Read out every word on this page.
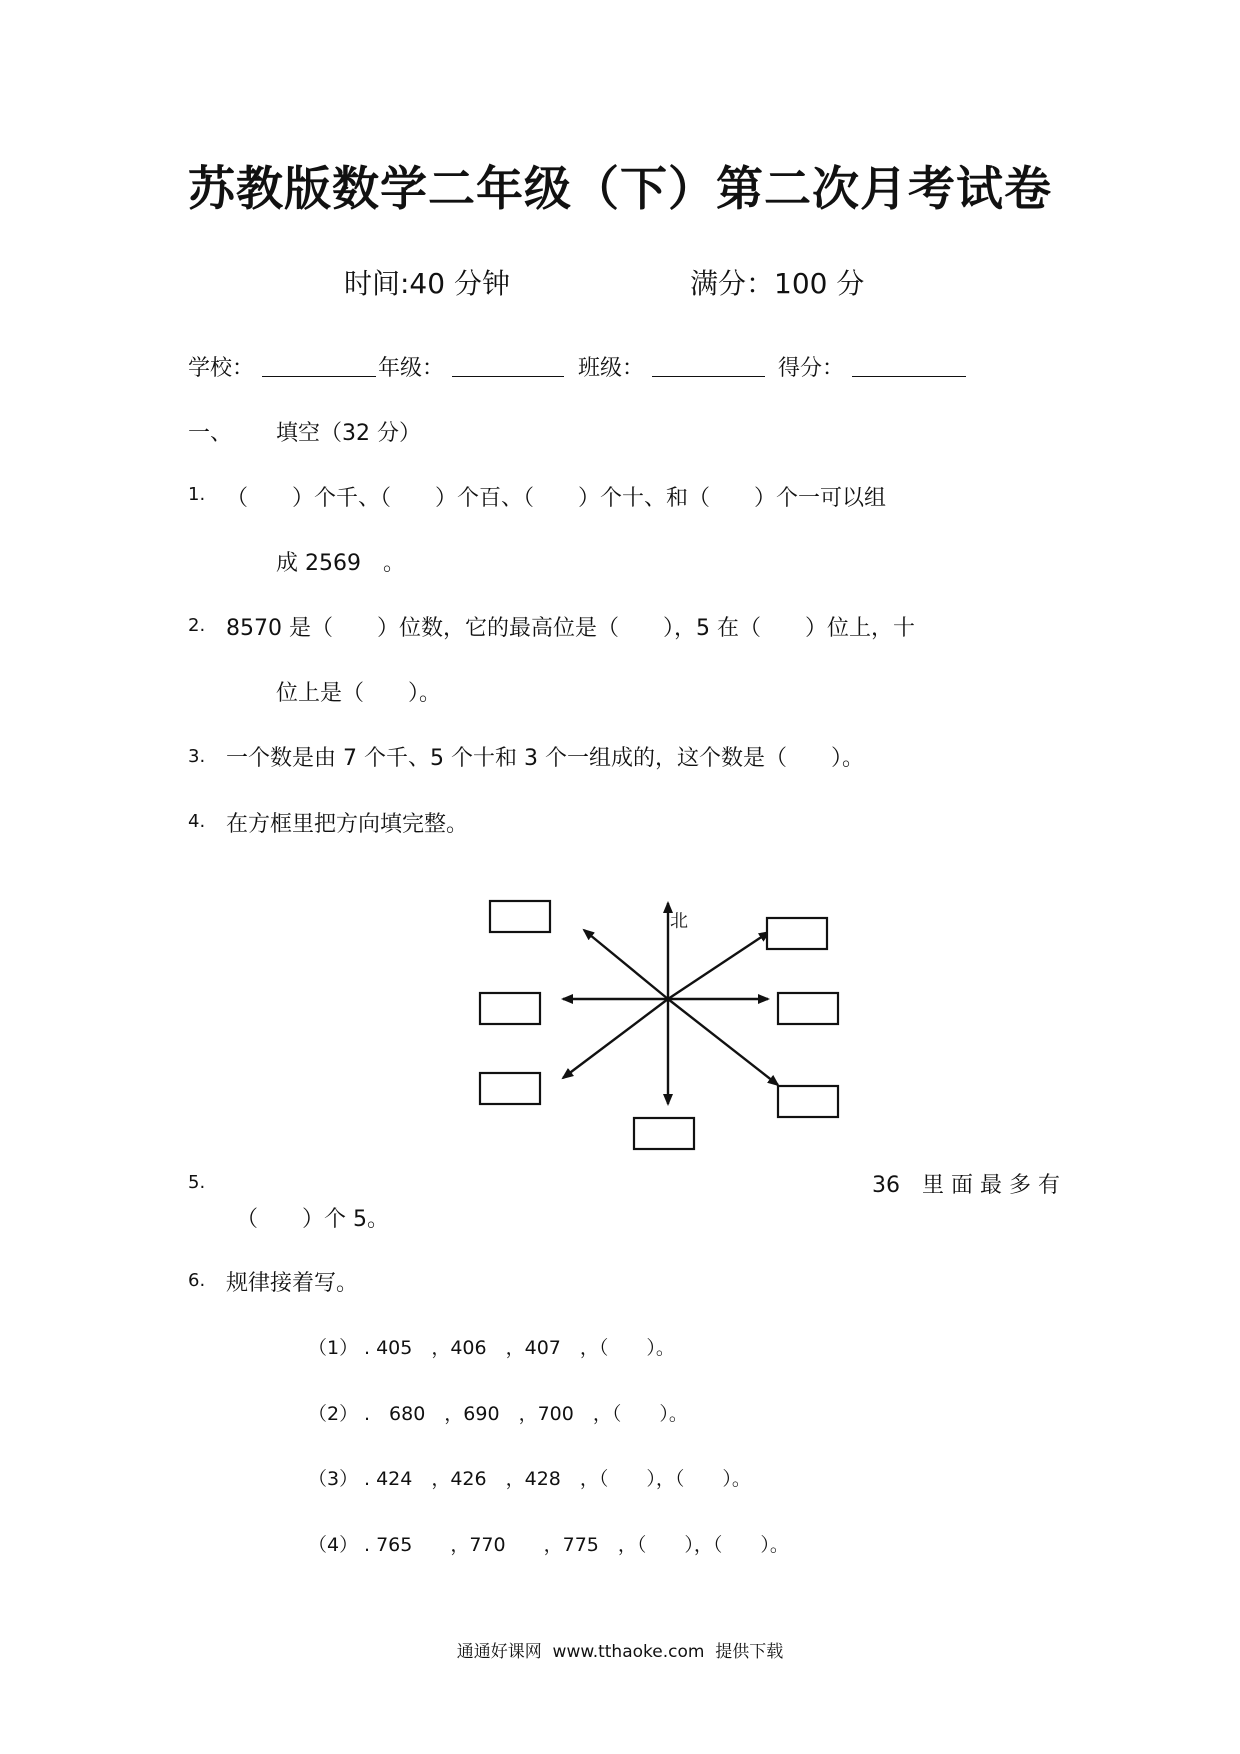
苏教版数学二年级（下）第二次月考试卷
时间:40 分钟	满分：100 分
学校：	年级：	班级：	得分：
一、 填空（32 分）
1. （　　）个千、（　　）个百、（　　）个十、和（　　）个一可以组
成 2569　。
2. 8570 是（　　）位数，它的最高位是（　　），5 在（　　）位上，十
位上是（　　）。
3. 一个数是由 7 个千、5 个十和 3 个一组成的，这个数是（　　）。
4. 在方框里把方向填完整。
北
5.	36　里 面 最 多 有
（　　）个 5。
6. 规律接着写。
（1） . 405　，406　，407　，（　　）。
（2） .　680　，690　，700　，（　　）。
（3） . 424　，426　，428　，（　　），（　　）。
（4） . 765　　，770　　，775　，（　　），（　　）。
通通好课网  www.tthaoke.com  提供下载
